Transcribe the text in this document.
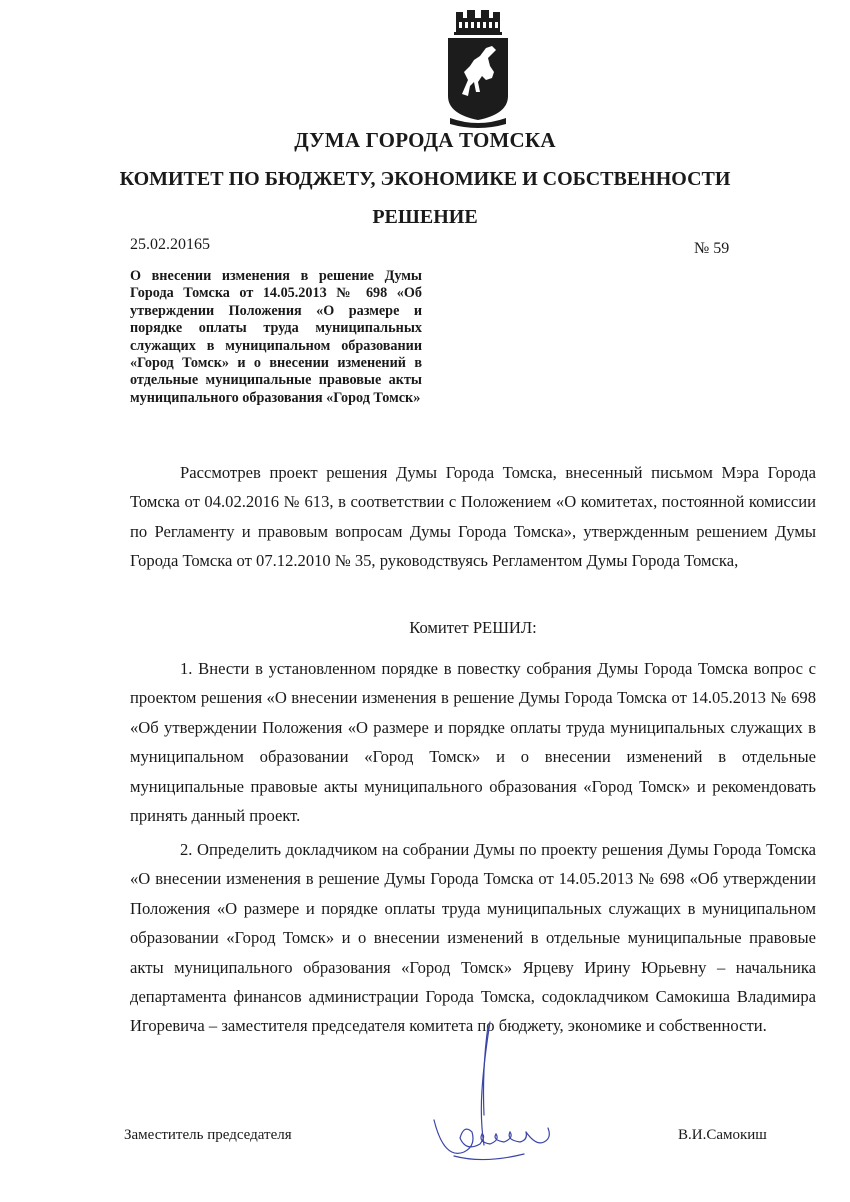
ДУМА ГОРОДА ТОМСКА
КОМИТЕТ ПО БЮДЖЕТУ, ЭКОНОМИКЕ И СОБСТВЕННОСТИ
РЕШЕНИЕ
25.02.20165	№ 59
О внесении изменения в решение Думы Города Томска от 14.05.2013 № 698 «Об утверждении Положения «О размере и порядке оплаты труда муниципальных служащих в муниципальном образовании «Город Томск» и о внесении изменений в отдельные муниципальные правовые акты муниципального образования «Город Томск»
Рассмотрев проект решения Думы Города Томска, внесенный письмом Мэра Города Томска от 04.02.2016 № 613, в соответствии с Положением «О комитетах, постоянной комиссии по Регламенту и правовым вопросам Думы Города Томска», утвержденным решением Думы Города Томска от 07.12.2010 № 35, руководствуясь Регламентом Думы Города Томска,
Комитет РЕШИЛ:
1. Внести в установленном порядке в повестку собрания Думы Города Томска вопрос с проектом решения «О внесении изменения в решение Думы Города Томска от 14.05.2013 № 698 «Об утверждении Положения «О размере и порядке оплаты труда муниципальных служащих в муниципальном образовании «Город Томск» и о внесении изменений в отдельные муниципальные правовые акты муниципального образования «Город Томск» и рекомендовать принять данный проект.
2. Определить докладчиком на собрании Думы по проекту решения Думы Города Томска «О внесении изменения в решение Думы Города Томска от 14.05.2013 № 698 «Об утверждении Положения «О размере и порядке оплаты труда муниципальных служащих в муниципальном образовании «Город Томск» и о внесении изменений в отдельные муниципальные правовые акты муниципального образования «Город Томск» Ярцеву Ирину Юрьевну – начальника департамента финансов администрации Города Томска, содокладчиком Самокиша Владимира Игоревича – заместителя председателя комитета по бюджету, экономике и собственности.
Заместитель председателя	В.И.Самокиш
